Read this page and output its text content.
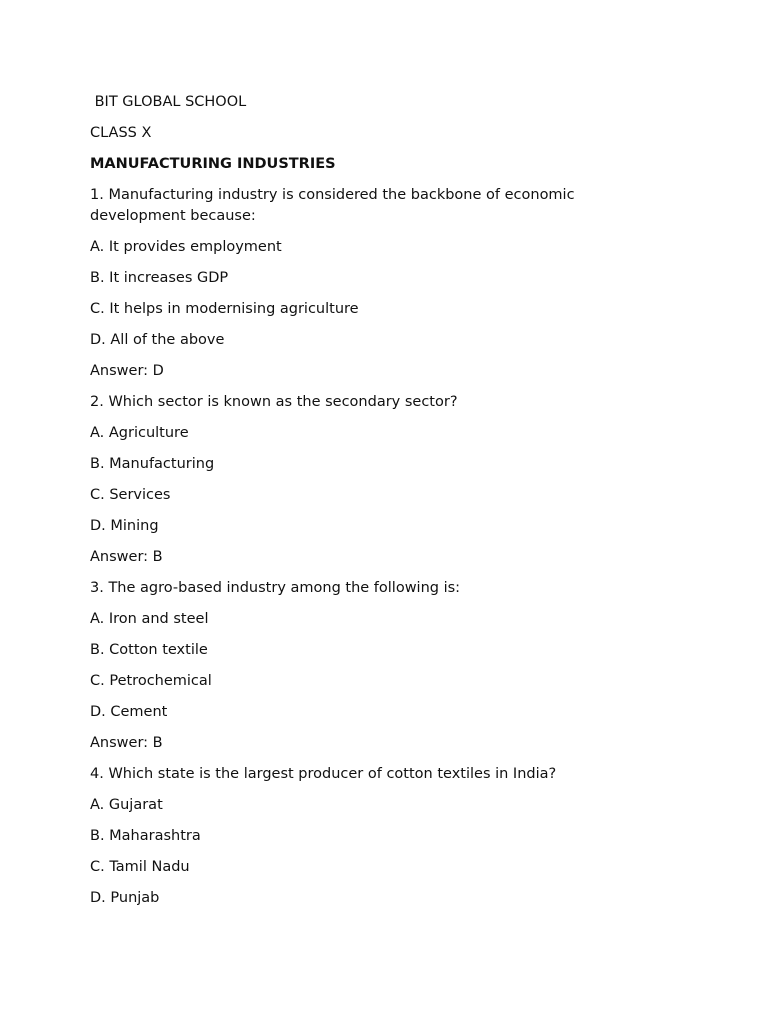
BIT GLOBAL SCHOOL

CLASS X

MANUFACTURING INDUSTRIES

1. Manufacturing industry is considered the backbone of economic development because:

A. It provides employment

B. It increases GDP

C. It helps in modernising agriculture

D. All of the above

Answer: D

2. Which sector is known as the secondary sector?

A. Agriculture

B. Manufacturing

C. Services

D. Mining

Answer: B

3. The agro-based industry among the following is:

A. Iron and steel

B. Cotton textile

C. Petrochemical

D. Cement

Answer: B

4. Which state is the largest producer of cotton textiles in India?

A. Gujarat

B. Maharashtra

C. Tamil Nadu

D. Punjab
